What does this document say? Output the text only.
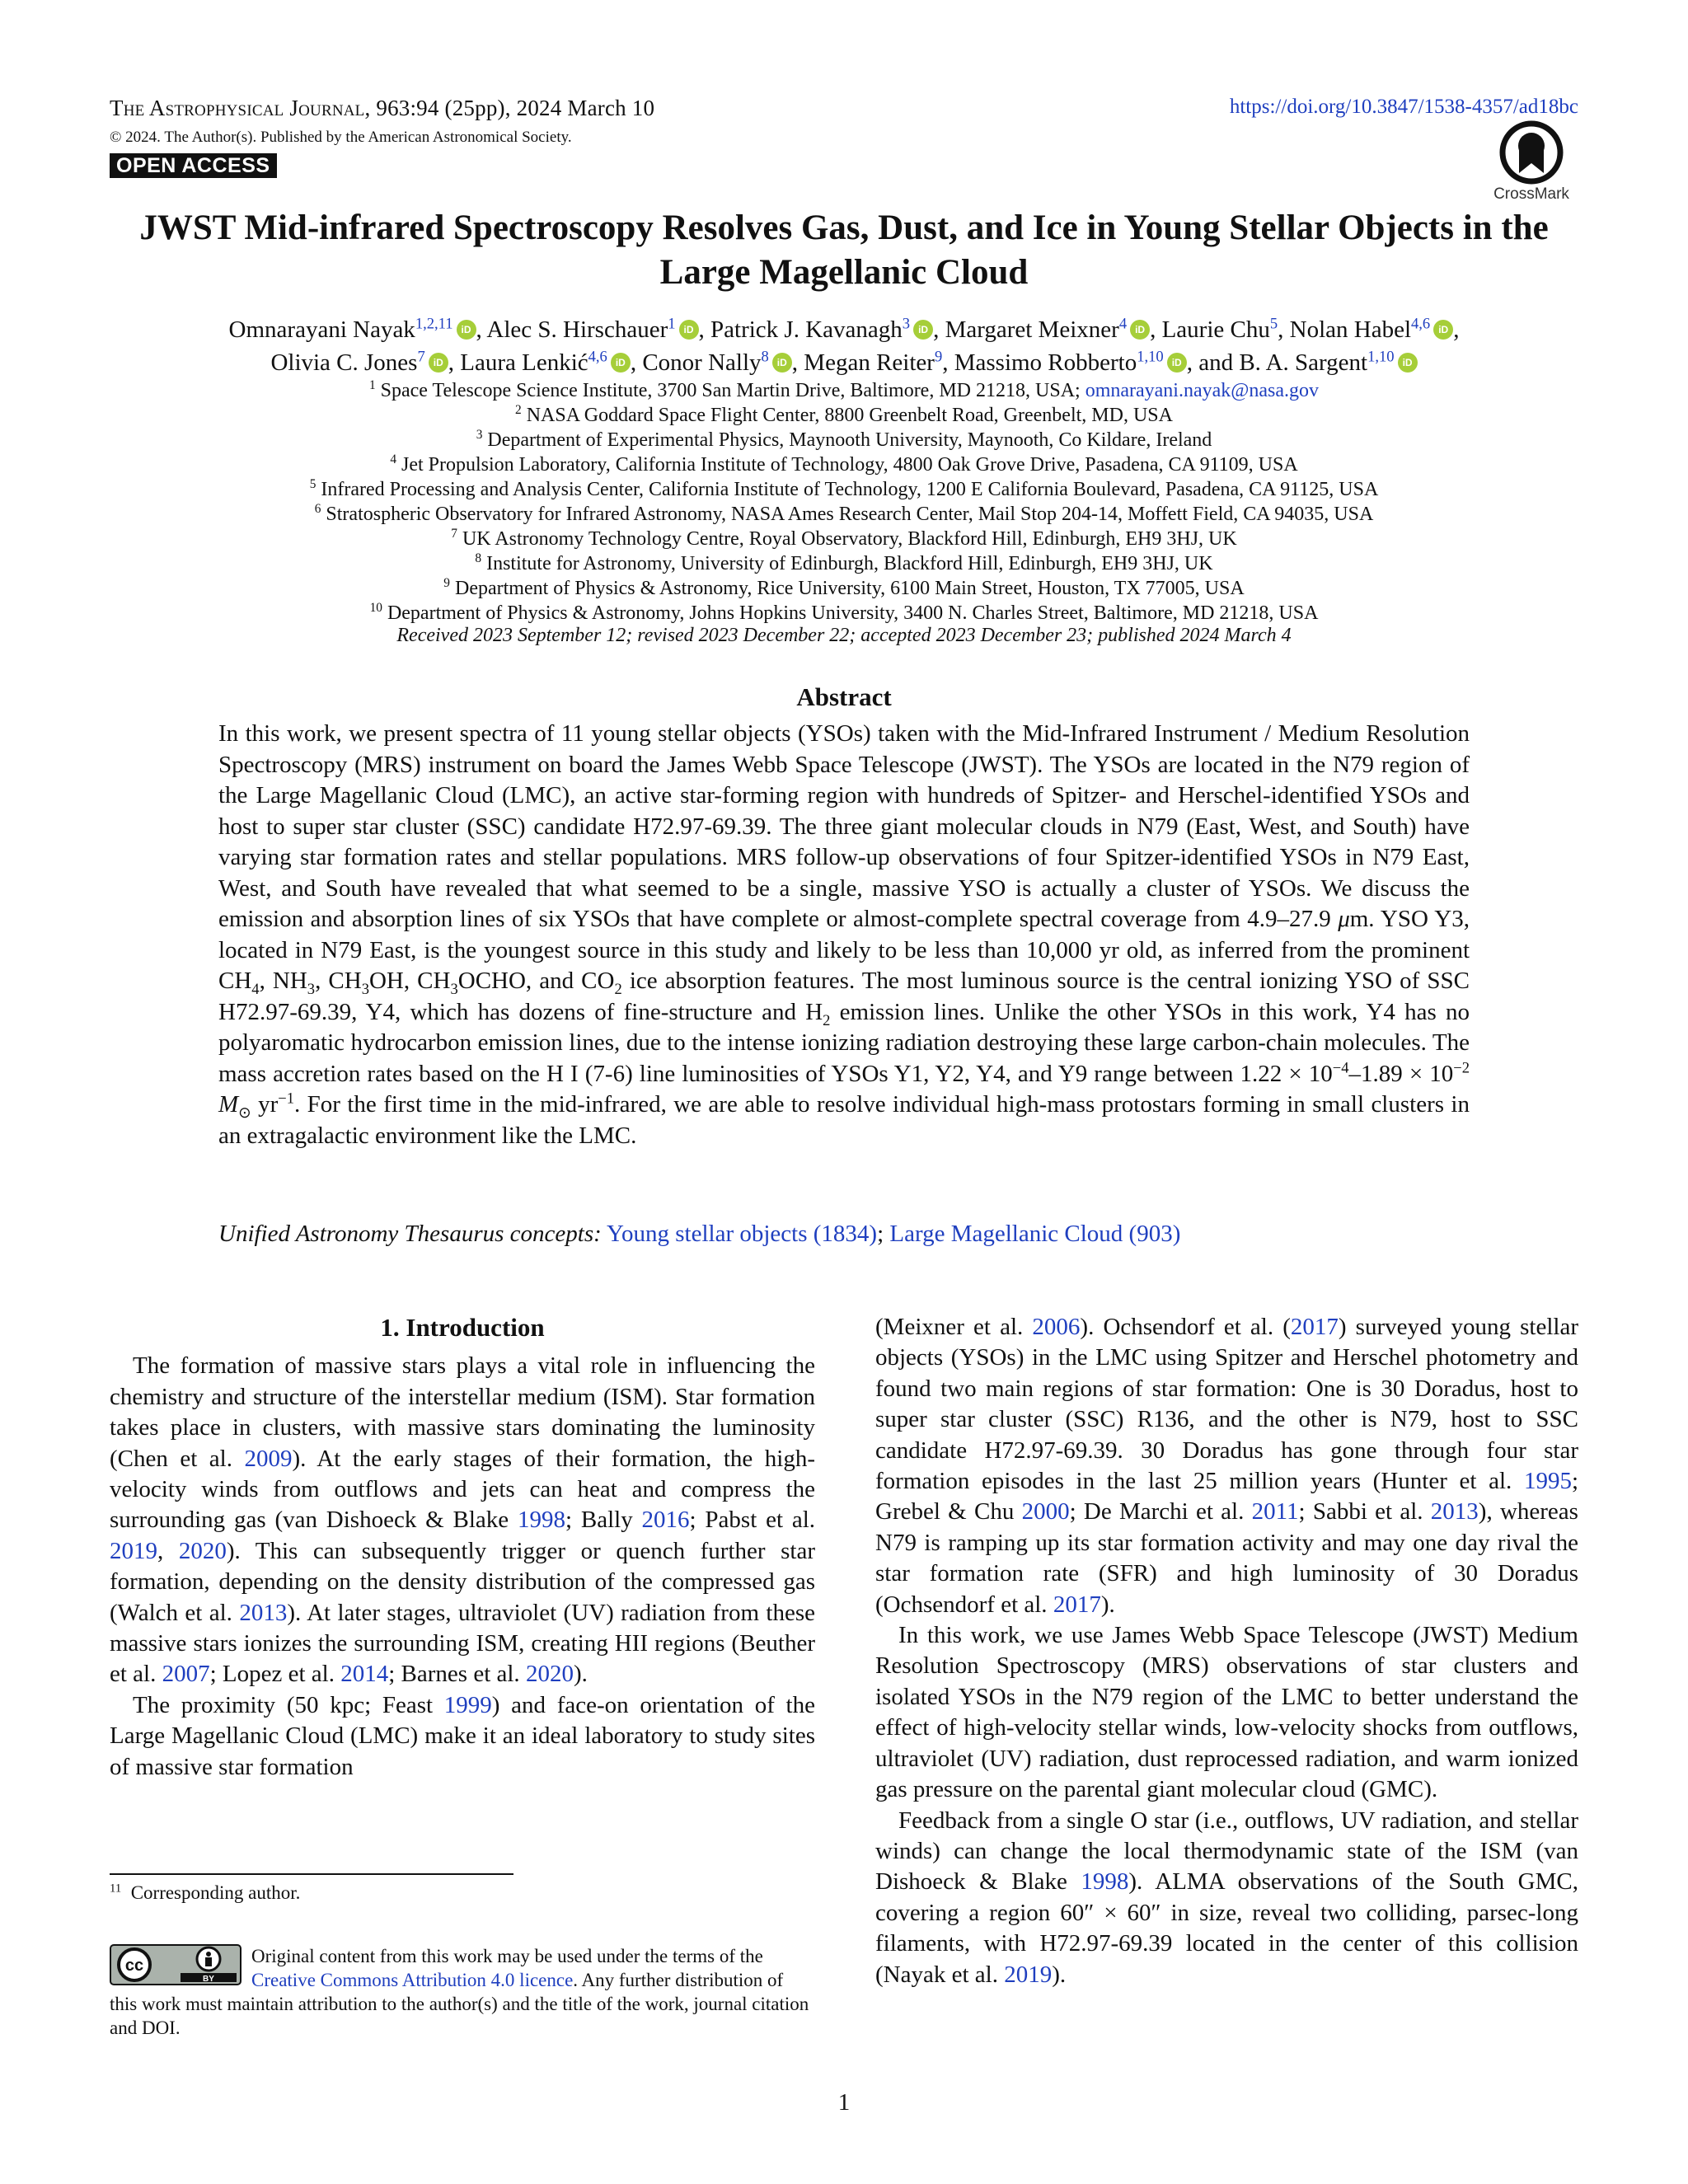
The Astrophysical Journal, 963:94 (25pp), 2024 March 10
© 2024. The Author(s). Published by the American Astronomical Society.
OPEN ACCESS
https://doi.org/10.3847/1538-4357/ad18bc
CrossMark
JWST Mid-infrared Spectroscopy Resolves Gas, Dust, and Ice in Young Stellar Objects in the Large Magellanic Cloud
Omnarayani Nayak$^{1,2,11}$ iD , Alec S. Hirschauer$^1$ iD , Patrick J. Kavanagh$^3$ iD , Margaret Meixner$^4$ iD , Laurie Chu$^5$, Nolan Habel$^{4,6}$ iD ,
Olivia C. Jones$^7$ iD , Laura Lenkić$^{4,6}$ iD , Conor Nally$^8$ iD , Megan Reiter$^9$, Massimo Robberto$^{1,10}$ iD , and B. A. Sargent$^{1,10}$ iD
$^1$ Space Telescope Science Institute, 3700 San Martin Drive, Baltimore, MD 21218, USA; omnarayani.nayak@nasa.gov
$^2$ NASA Goddard Space Flight Center, 8800 Greenbelt Road, Greenbelt, MD, USA
$^3$ Department of Experimental Physics, Maynooth University, Maynooth, Co Kildare, Ireland
$^4$ Jet Propulsion Laboratory, California Institute of Technology, 4800 Oak Grove Drive, Pasadena, CA 91109, USA
$^5$ Infrared Processing and Analysis Center, California Institute of Technology, 1200 E California Boulevard, Pasadena, CA 91125, USA
$^6$ Stratospheric Observatory for Infrared Astronomy, NASA Ames Research Center, Mail Stop 204-14, Moffett Field, CA 94035, USA
$^7$ UK Astronomy Technology Centre, Royal Observatory, Blackford Hill, Edinburgh, EH9 3HJ, UK
$^8$ Institute for Astronomy, University of Edinburgh, Blackford Hill, Edinburgh, EH9 3HJ, UK
$^9$ Department of Physics & Astronomy, Rice University, 6100 Main Street, Houston, TX 77005, USA
$^{10}$ Department of Physics & Astronomy, Johns Hopkins University, 3400 N. Charles Street, Baltimore, MD 21218, USA
Received 2023 September 12; revised 2023 December 22; accepted 2023 December 23; published 2024 March 4
Abstract
In this work, we present spectra of 11 young stellar objects (YSOs) taken with the Mid-Infrared Instrument / Medium Resolution Spectroscopy (MRS) instrument on board the James Webb Space Telescope (JWST). The YSOs are located in the N79 region of the Large Magellanic Cloud (LMC), an active star-forming region with hundreds of Spitzer- and Herschel-identified YSOs and host to super star cluster (SSC) candidate H72.97-69.39. The three giant molecular clouds in N79 (East, West, and South) have varying star formation rates and stellar populations. MRS follow-up observations of four Spitzer-identified YSOs in N79 East, West, and South have revealed that what seemed to be a single, massive YSO is actually a cluster of YSOs. We discuss the emission and absorption lines of six YSOs that have complete or almost-complete spectral coverage from 4.9–27.9 μm. YSO Y3, located in N79 East, is the youngest source in this study and likely to be less than 10,000 yr old, as inferred from the prominent $CH_4$, $NH_3$, $CH_3OH$, $CH_3OCHO$, and $CO_2$ ice absorption features. The most luminous source is the central ionizing YSO of SSC H72.97-69.39, Y4, which has dozens of fine-structure and $H_2$ emission lines. Unlike the other YSOs in this work, Y4 has no polyaromatic hydrocarbon emission lines, due to the intense ionizing radiation destroying these large carbon-chain molecules. The mass accretion rates based on the H I (7-6) line luminosities of YSOs Y1, Y2, Y4, and Y9 range between $1.22 \times 10^{-4}-1.89 \times 10^{-2}$ $M_⊙$ $yr^{-1}$. For the first time in the mid-infrared, we are able to resolve individual high-mass protostars forming in small clusters in an extragalactic environment like the LMC.
Unified Astronomy Thesaurus concepts: Young stellar objects (1834); Large Magellanic Cloud (903)
1. Introduction

The formation of massive stars plays a vital role in influencing the chemistry and structure of the interstellar medium (ISM). Star formation takes place in clusters, with massive stars dominating the luminosity (Chen et al. 2009). At the early stages of their formation, the high-velocity winds from outflows and jets can heat and compress the surrounding gas (van Dishoeck & Blake 1998; Bally 2016; Pabst et al. 2019, 2020). This can subsequently trigger or quench further star formation, depending on the density distribution of the compressed gas (Walch et al. 2013). At later stages, ultraviolet (UV) radiation from these massive stars ionizes the surrounding ISM, creating HII regions (Beuther et al. 2007; Lopez et al. 2014; Barnes et al. 2020).

The proximity (50 kpc; Feast 1999) and face-on orientation of the Large Magellanic Cloud (LMC) make it an ideal laboratory to study sites of massive star formation

(Meixner et al. 2006). Ochsendorf et al. (2017) surveyed young stellar objects (YSOs) in the LMC using Spitzer and Herschel photometry and found two main regions of star formation: One is 30 Doradus, host to super star cluster (SSC) R136, and the other is N79, host to SSC candidate H72.97-69.39. 30 Doradus has gone through four star formation episodes in the last 25 million years (Hunter et al. 1995; Grebel & Chu 2000; De Marchi et al. 2011; Sabbi et al. 2013), whereas N79 is ramping up its star formation activity and may one day rival the star formation rate (SFR) and high luminosity of 30 Doradus (Ochsendorf et al. 2017).

In this work, we use James Webb Space Telescope (JWST) Medium Resolution Spectroscopy (MRS) observations of star clusters and isolated YSOs in the N79 region of the LMC to better understand the effect of high-velocity stellar winds, low-velocity shocks from outflows, ultraviolet (UV) radiation, dust reprocessed radiation, and warm ionized gas pressure on the parental giant molecular cloud (GMC).

Feedback from a single O star (i.e., outflows, UV radiation, and stellar winds) can change the local thermodynamic state of the ISM (van Dishoeck & Blake 1998). ALMA observations of the South GMC, covering a region 60″ × 60″ in size, reveal two colliding, parsec-long filaments, with H72.97-69.39 located in the center of this collision (Nayak et al. 2019).

$^{11}$ Corresponding author.
cc
BY
Original content from this work may be used under the terms of the Creative Commons Attribution 4.0 licence. Any further distribution of this work must maintain attribution to the author(s) and the title of the work, journal citation and DOI.
1
